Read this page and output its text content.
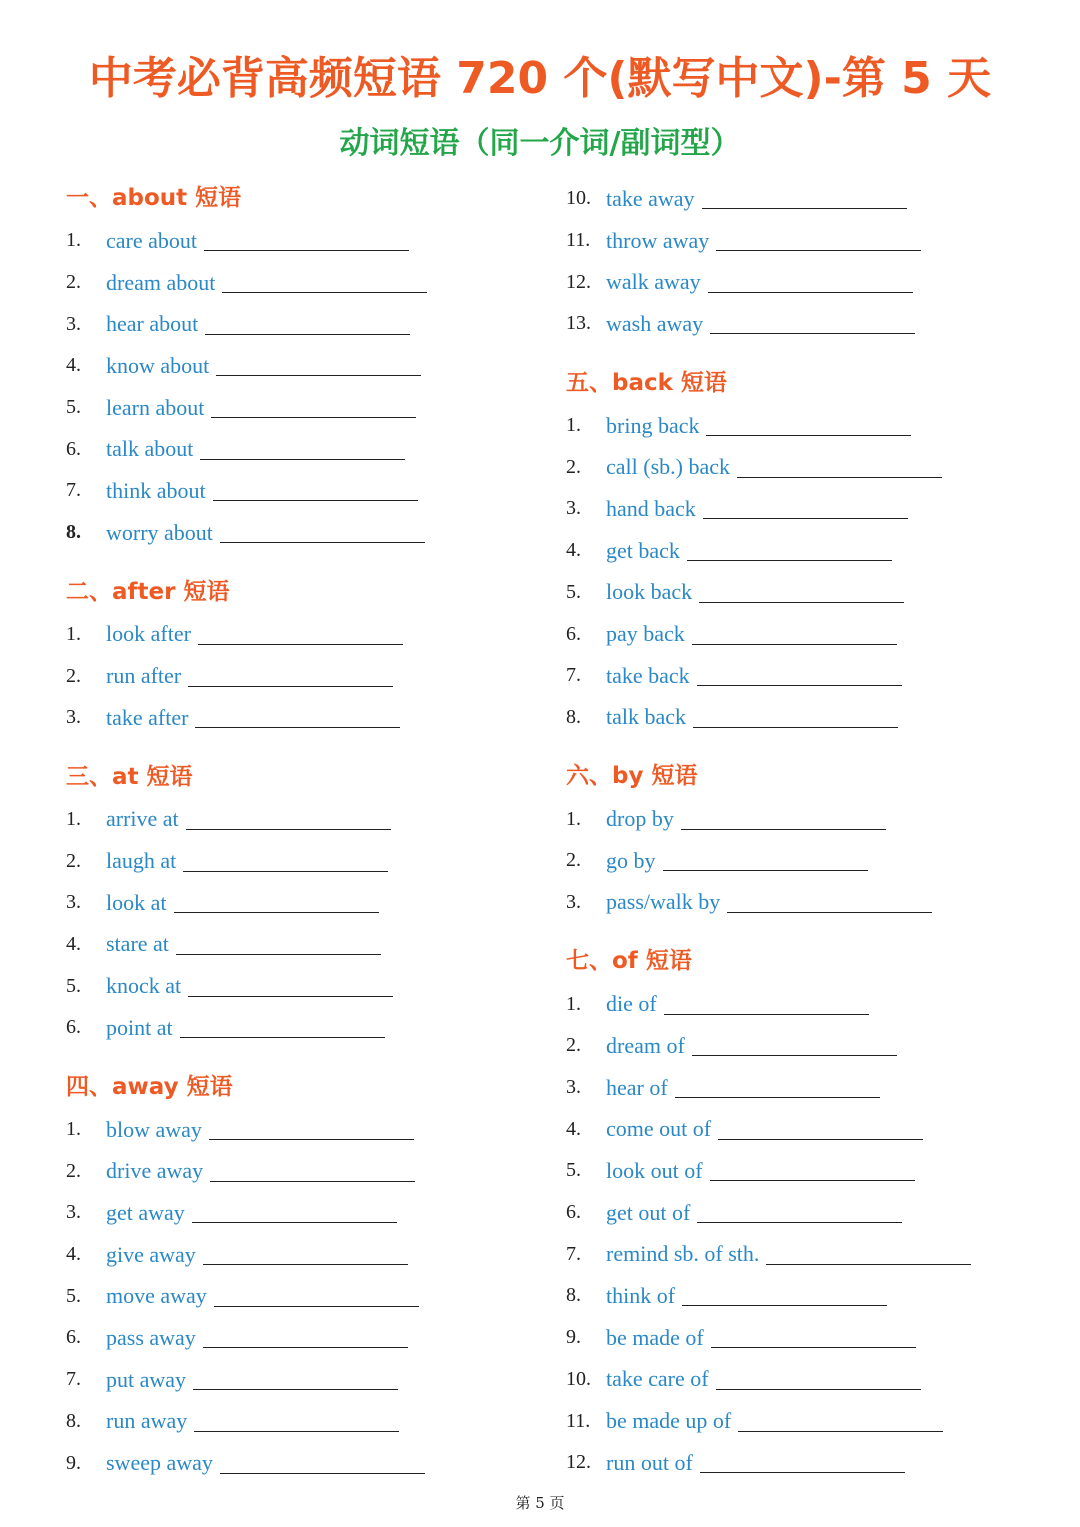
中考必背高频短语 720 个(默写中文)-第 5 天
动词短语（同一介词/副词型）
一、about 短语
1.	care about
2.	dream about
3.	hear about
4.	know about
5.	learn about
6.	talk about
7.	think about
8.	worry about
二、after 短语
1.	look after
2.	run after
3.	take after
三、at 短语
1.	arrive at
2.	laugh at
3.	look at
4.	stare at
5.	knock at
6.	point at
四、away 短语
1.	blow away
2.	drive away
3.	get away
4.	give away
5.	move away
6.	pass away
7.	put away
8.	run away
9.	sweep away
10. take away
11. throw away
12. walk away
13. wash away
五、back 短语
1.	bring back
2.	call (sb.) back
3.	hand back
4.	get back
5.	look back
6.	pay back
7.	take back
8.	talk back
六、by 短语
1.	drop by
2.	go by
3.	pass/walk by
七、of 短语
1.	die of
2.	dream of
3.	hear of
4.	come out of
5.	look out of
6.	get out of
7.	remind sb. of sth.
8.	think of
9.	be made of
10. take care of
11. be made up of
12. run out of
第 5 页
